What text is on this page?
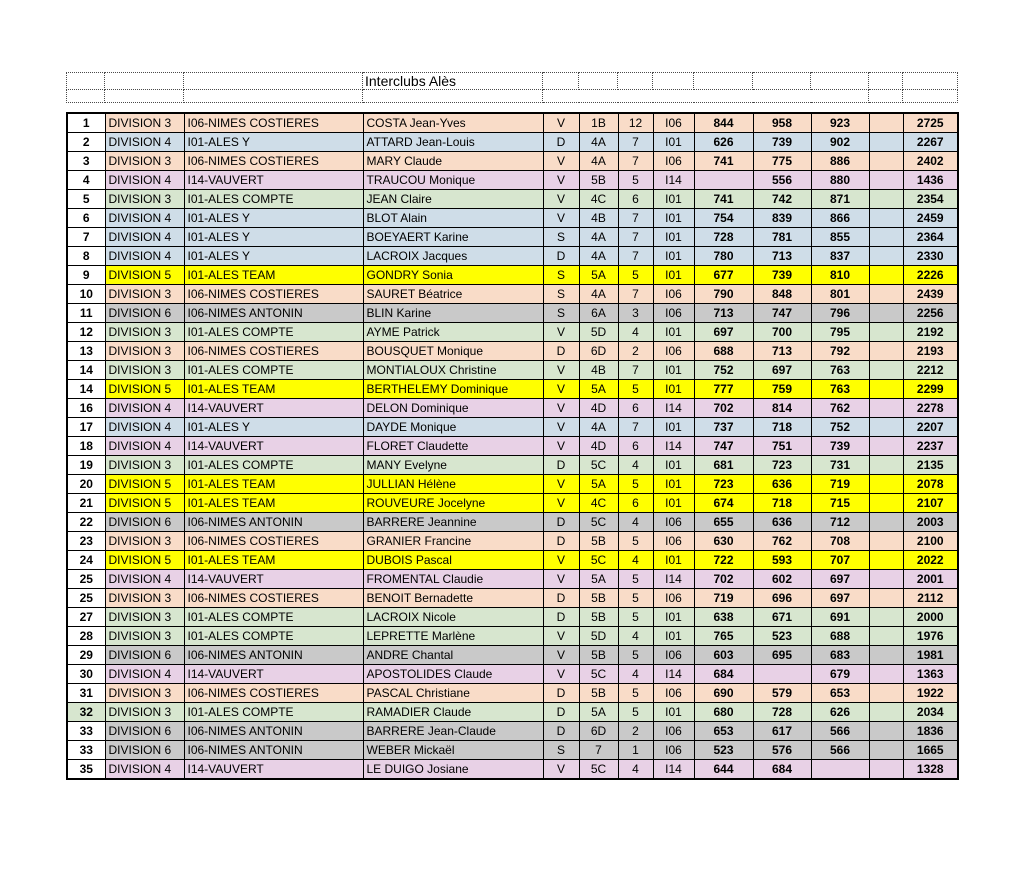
			Interclubs Alès									

1	DIVISION 3	I06-NIMES COSTIERES	COSTA Jean-Yves	V	1B	12	I06	844	958	923		2725
2	DIVISION 4	I01-ALES Y	ATTARD Jean-Louis	D	4A	7	I01	626	739	902		2267
3	DIVISION 3	I06-NIMES COSTIERES	MARY Claude	V	4A	7	I06	741	775	886		2402
4	DIVISION 4	I14-VAUVERT	TRAUCOU Monique	V	5B	5	I14		556	880		1436
5	DIVISION 3	I01-ALES COMPTE	JEAN Claire	V	4C	6	I01	741	742	871		2354
6	DIVISION 4	I01-ALES Y	BLOT Alain	V	4B	7	I01	754	839	866		2459
7	DIVISION 4	I01-ALES Y	BOEYAERT Karine	S	4A	7	I01	728	781	855		2364
8	DIVISION 4	I01-ALES Y	LACROIX Jacques	D	4A	7	I01	780	713	837		2330
9	DIVISION 5	I01-ALES TEAM	GONDRY Sonia	S	5A	5	I01	677	739	810		2226
10	DIVISION 3	I06-NIMES COSTIERES	SAURET Béatrice	S	4A	7	I06	790	848	801		2439
11	DIVISION 6	I06-NIMES ANTONIN	BLIN Karine	S	6A	3	I06	713	747	796		2256
12	DIVISION 3	I01-ALES COMPTE	AYME Patrick	V	5D	4	I01	697	700	795		2192
13	DIVISION 3	I06-NIMES COSTIERES	BOUSQUET Monique	D	6D	2	I06	688	713	792		2193
14	DIVISION 3	I01-ALES COMPTE	MONTIALOUX Christine	V	4B	7	I01	752	697	763		2212
14	DIVISION 5	I01-ALES TEAM	BERTHELEMY Dominique	V	5A	5	I01	777	759	763		2299
16	DIVISION 4	I14-VAUVERT	DELON Dominique	V	4D	6	I14	702	814	762		2278
17	DIVISION 4	I01-ALES Y	DAYDE Monique	V	4A	7	I01	737	718	752		2207
18	DIVISION 4	I14-VAUVERT	FLORET Claudette	V	4D	6	I14	747	751	739		2237
19	DIVISION 3	I01-ALES COMPTE	MANY Evelyne	D	5C	4	I01	681	723	731		2135
20	DIVISION 5	I01-ALES TEAM	JULLIAN Hélène	V	5A	5	I01	723	636	719		2078
21	DIVISION 5	I01-ALES TEAM	ROUVEURE Jocelyne	V	4C	6	I01	674	718	715		2107
22	DIVISION 6	I06-NIMES ANTONIN	BARRERE Jeannine	D	5C	4	I06	655	636	712		2003
23	DIVISION 3	I06-NIMES COSTIERES	GRANIER Francine	D	5B	5	I06	630	762	708		2100
24	DIVISION 5	I01-ALES TEAM	DUBOIS Pascal	V	5C	4	I01	722	593	707		2022
25	DIVISION 4	I14-VAUVERT	FROMENTAL Claudie	V	5A	5	I14	702	602	697		2001
25	DIVISION 3	I06-NIMES COSTIERES	BENOIT Bernadette	D	5B	5	I06	719	696	697		2112
27	DIVISION 3	I01-ALES COMPTE	LACROIX Nicole	D	5B	5	I01	638	671	691		2000
28	DIVISION 3	I01-ALES COMPTE	LEPRETTE Marlène	V	5D	4	I01	765	523	688		1976
29	DIVISION 6	I06-NIMES ANTONIN	ANDRE Chantal	V	5B	5	I06	603	695	683		1981
30	DIVISION 4	I14-VAUVERT	APOSTOLIDES Claude	V	5C	4	I14	684		679		1363
31	DIVISION 3	I06-NIMES COSTIERES	PASCAL Christiane	D	5B	5	I06	690	579	653		1922
32	DIVISION 3	I01-ALES COMPTE	RAMADIER Claude	D	5A	5	I01	680	728	626		2034
33	DIVISION 6	I06-NIMES ANTONIN	BARRERE Jean-Claude	D	6D	2	I06	653	617	566		1836
33	DIVISION 6	I06-NIMES ANTONIN	WEBER Mickaël	S	7	1	I06	523	576	566		1665
35	DIVISION 4	I14-VAUVERT	LE DUIGO Josiane	V	5C	4	I14	644	684			1328
